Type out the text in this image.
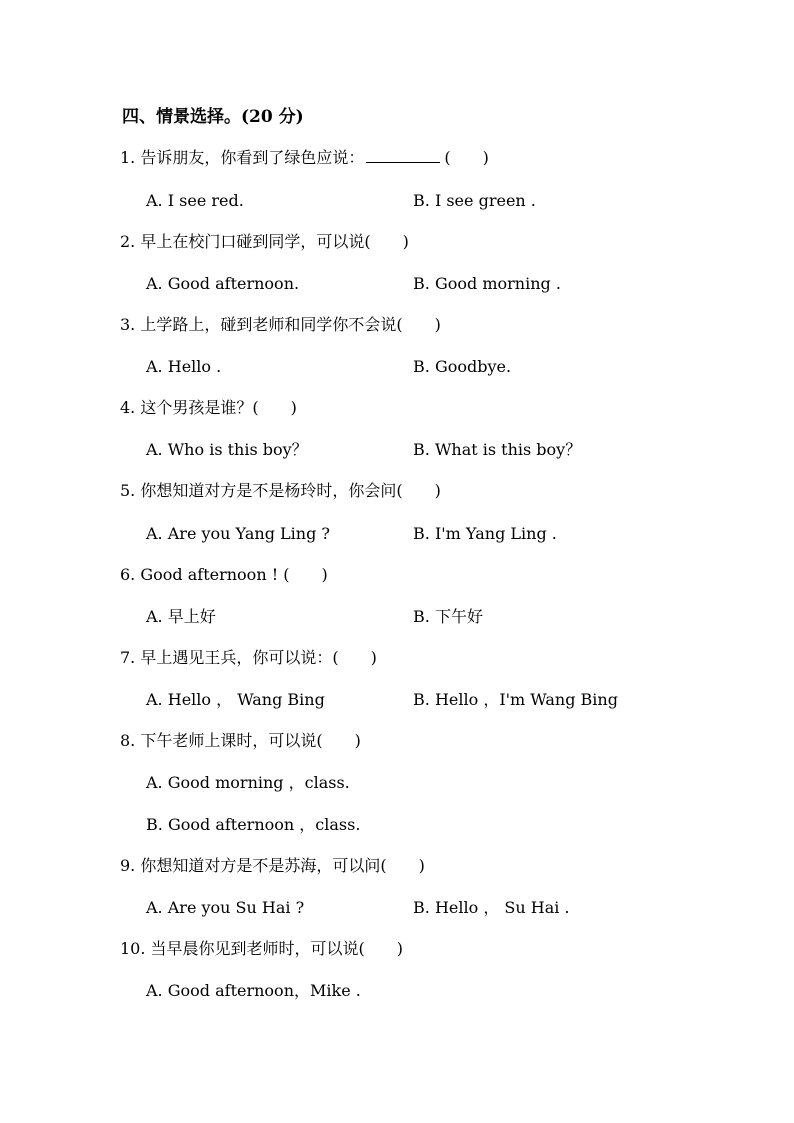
四、情景选择。(20 分)
1. 告诉朋友，你看到了绿色应说：	(　　)
A. I see red.	B. I see green .
2. 早上在校门口碰到同学，可以说(　　)
A. Good afternoon.	B. Good morning .
3. 上学路上，碰到老师和同学你不会说(　　)
A. Hello .	B. Goodbye.
4. 这个男孩是谁？(　　)
A. Who is this boy？	B. What is this boy？
5. 你想知道对方是不是杨玲时，你会问(　　)
A. Are you Yang Ling ?	B. I'm Yang Ling .
6. Good afternoon ! (　　)
A. 早上好	B. 下午好
7. 早上遇见王兵，你可以说：(　　)
A. Hello ， Wang Bing	B. Hello ，I'm Wang Bing
8. 下午老师上课时，可以说(　　)
A. Good morning ，class.
B. Good afternoon ，class.
9. 你想知道对方是不是苏海，可以问(　　)
A. Are you Su Hai ?	B. Hello ， Su Hai .
10. 当早晨你见到老师时，可以说(　　)
A. Good afternoon，Mike .
